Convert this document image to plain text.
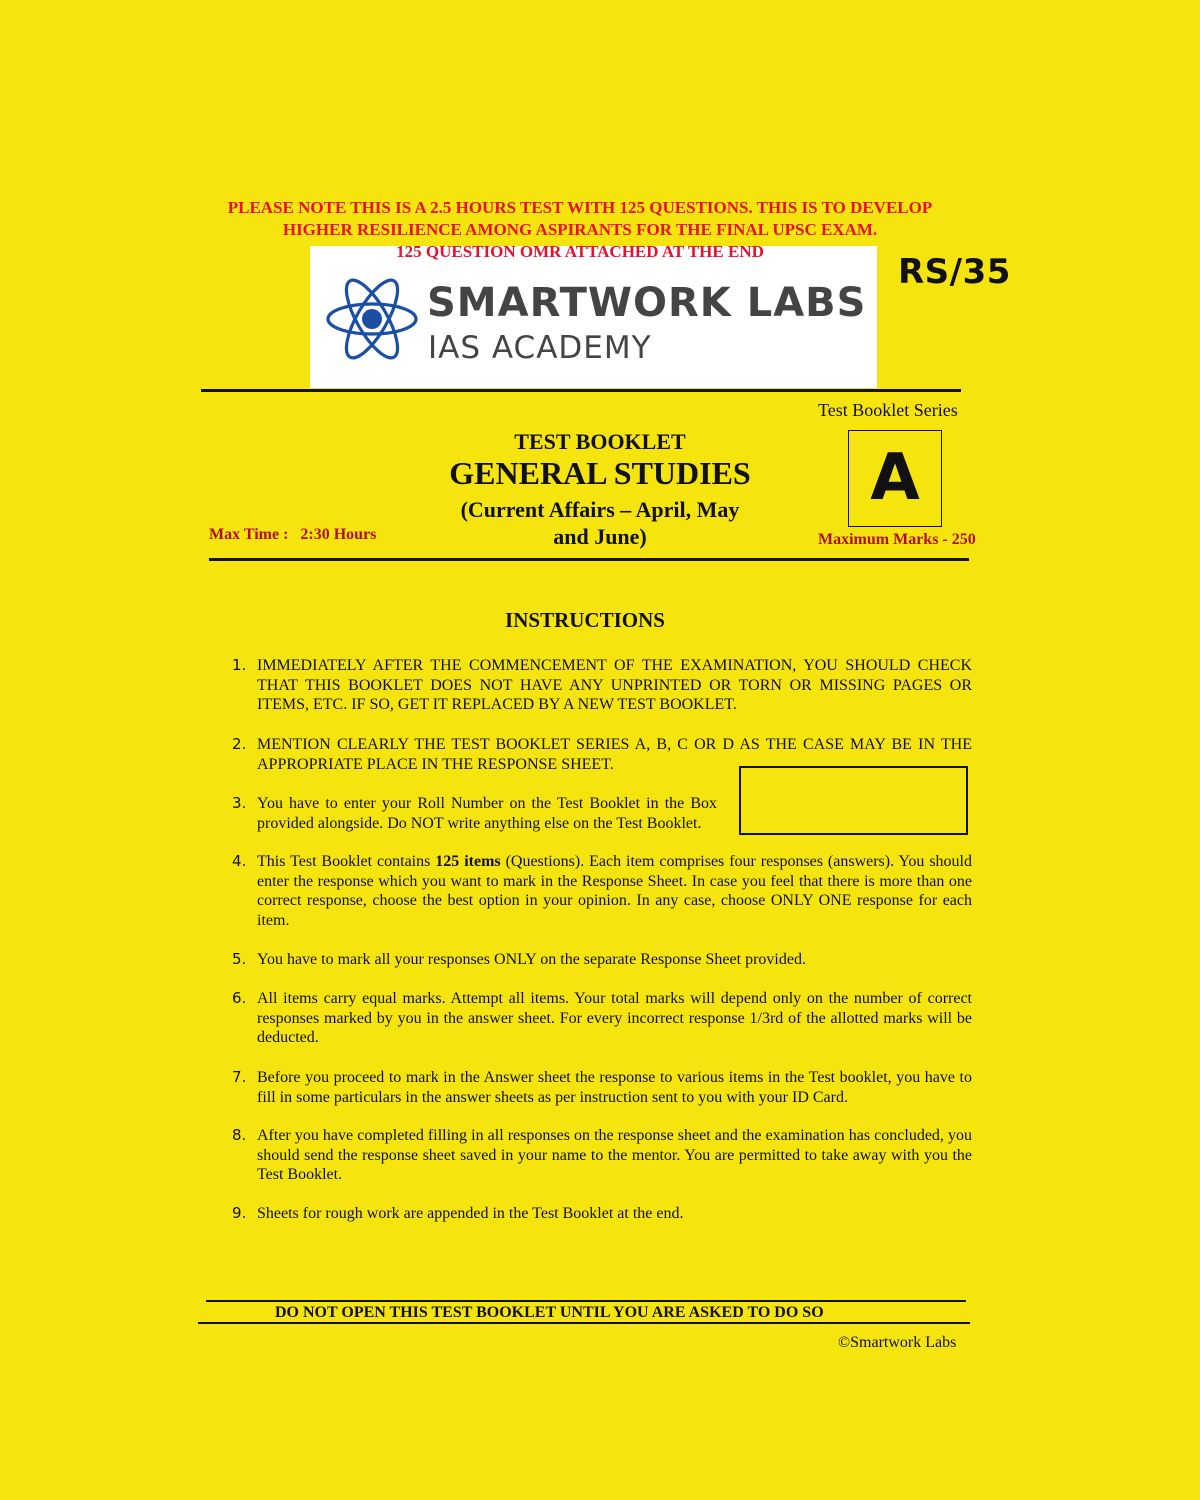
PLEASE NOTE THIS IS A 2.5 HOURS TEST WITH 125 QUESTIONS. THIS IS TO DEVELOP
HIGHER RESILIENCE AMONG ASPIRANTS FOR THE FINAL UPSC EXAM.
SMARTWORK LABS
IAS ACADEMY
125 QUESTION OMR ATTACHED AT THE END
RS/35
Test Booklet Series
A
TEST BOOKLET
GENERAL STUDIES
(Current Affairs – April, May
and June)
Max Time :   2:30 Hours	Maximum Marks - 250
INSTRUCTIONS
1. IMMEDIATELY AFTER THE COMMENCEMENT OF THE EXAMINATION, YOU SHOULD CHECK THAT THIS BOOKLET DOES NOT HAVE ANY UNPRINTED OR TORN OR MISSING PAGES OR ITEMS, ETC. IF SO, GET IT REPLACED BY A NEW TEST BOOKLET.
2. MENTION CLEARLY THE TEST BOOKLET SERIES A, B, C OR D AS THE CASE MAY BE IN THE APPROPRIATE PLACE IN THE RESPONSE SHEET.
3. You have to enter your Roll Number on the Test Booklet in the Box provided alongside. Do NOT write anything else on the Test Booklet.
4. This Test Booklet contains 125 items (Questions). Each item comprises four responses (answers). You should enter the response which you want to mark in the Response Sheet. In case you feel that there is more than one correct response, choose the best option in your opinion. In any case, choose ONLY ONE response for each item.
5. You have to mark all your responses ONLY on the separate Response Sheet provided.
6. All items carry equal marks. Attempt all items. Your total marks will depend only on the number of correct responses marked by you in the answer sheet. For every incorrect response 1/3rd of the allotted marks will be deducted.
7. Before you proceed to mark in the Answer sheet the response to various items in the Test booklet, you have to fill in some particulars in the answer sheets as per instruction sent to you with your ID Card.
8. After you have completed filling in all responses on the response sheet and the examination has concluded, you should send the response sheet saved in your name to the mentor. You are permitted to take away with you the Test Booklet.
9. Sheets for rough work are appended in the Test Booklet at the end.
DO NOT OPEN THIS TEST BOOKLET UNTIL YOU ARE ASKED TO DO SO
©Smartwork Labs
